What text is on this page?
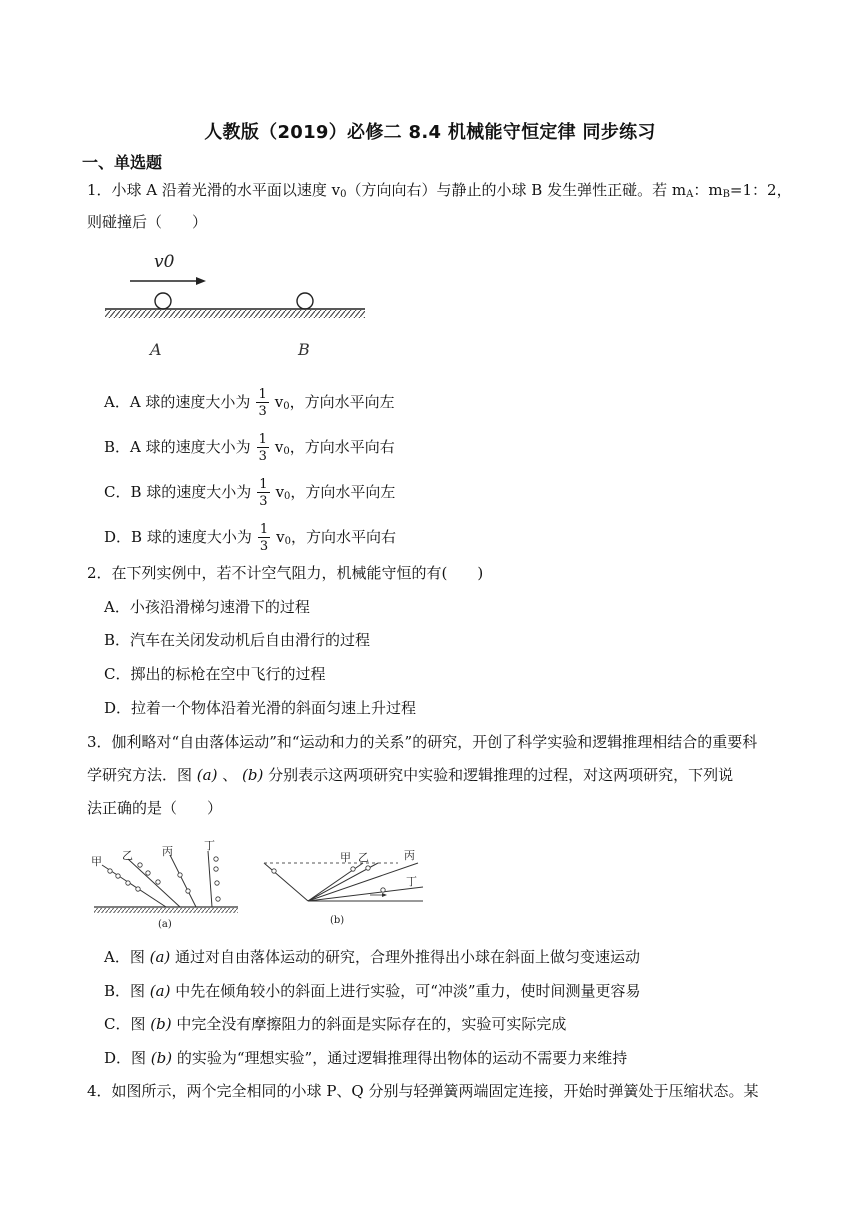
人教版（2019）必修二 8.4 机械能守恒定律 同步练习
一、单选题
1．小球 A 沿着光滑的水平面以速度 $v_0$（方向向右）与静止的小球 B 发生弹性正碰。若 $m_A$：$m_B=1$：2，
则碰撞后（　　）
v0
A	B
A．A 球的速度大小为 $\frac{1}{3} v_0$，方向水平向左
B．A 球的速度大小为 $\frac{1}{3} v_0$，方向水平向右
C．B 球的速度大小为 $\frac{1}{3} v_0$，方向水平向左
D．B 球的速度大小为 $\frac{1}{3} v_0$，方向水平向右
2．在下列实例中，若不计空气阻力，机械能守恒的有(　　)
A．小孩沿滑梯匀速滑下的过程
B．汽车在关闭发动机后自由滑行的过程
C．掷出的标枪在空中飞行的过程
D．拉着一个物体沿着光滑的斜面匀速上升过程
3．伽利略对“自由落体运动”和“运动和力的关系”的研究，开创了科学实验和逻辑推理相结合的重要科
学研究方法．图 (a) 、 (b) 分别表示这两项研究中实验和逻辑推理的过程，对这两项研究，下列说
法正确的是（　　）
甲 乙	丙	丁
(a)
甲 乙	丙
丁
(b)
A．图 (a) 通过对自由落体运动的研究，合理外推得出小球在斜面上做匀变速运动
B．图 (a) 中先在倾角较小的斜面上进行实验，可“冲淡”重力，使时间测量更容易
C．图 (b) 中完全没有摩擦阻力的斜面是实际存在的，实验可实际完成
D．图 (b) 的实验为“理想实验”，通过逻辑推理得出物体的运动不需要力来维持
4．如图所示，两个完全相同的小球 P、Q 分别与轻弹簧两端固定连接，开始时弹簧处于压缩状态。某
